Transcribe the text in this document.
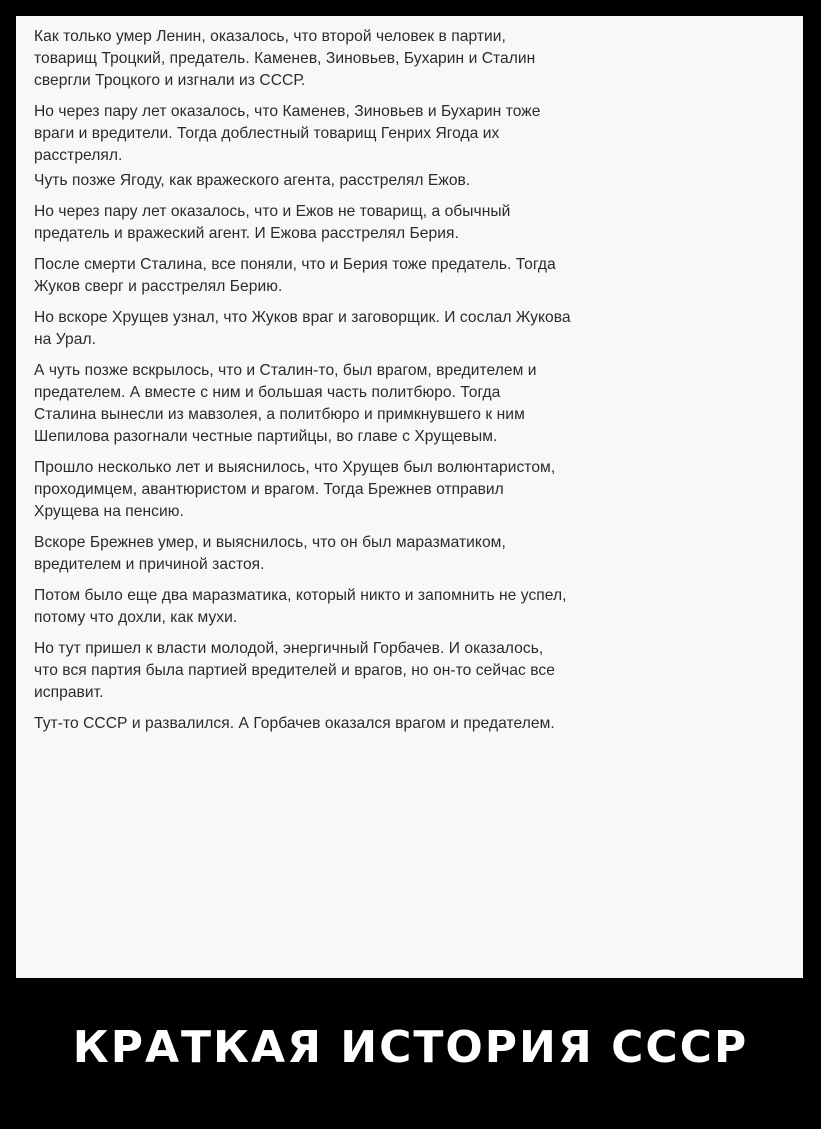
Как только умер Ленин, оказалось, что второй человек в партии,
товарищ Троцкий, предатель. Каменев, Зиновьев, Бухарин и Сталин
свергли Троцкого и изгнали из СССР.

Но через пару лет оказалось, что Каменев, Зиновьев и Бухарин тоже
враги и вредители. Тогда доблестный товарищ Генрих Ягода их
расстрелял.

Чуть позже Ягоду, как вражеского агента, расстрелял Ежов.

Но через пару лет оказалось, что и Ежов не товарищ, а обычный
предатель и вражеский агент. И Ежова расстрелял Берия.

После смерти Сталина, все поняли, что и Берия тоже предатель. Тогда
Жуков сверг и расстрелял Берию.

Но вскоре Хрущев узнал, что Жуков враг и заговорщик. И сослал Жукова
на Урал.

А чуть позже вскрылось, что и Сталин-то, был врагом, вредителем и
предателем. А вместе с ним и большая часть политбюро. Тогда
Сталина вынесли из мавзолея, а политбюро и примкнувшего к ним
Шепилова разогнали честные партийцы, во главе с Хрущевым.

Прошло несколько лет и выяснилось, что Хрущев был волюнтаристом,
проходимцем, авантюристом и врагом. Тогда Брежнев отправил
Хрущева на пенсию.

Вскоре Брежнев умер, и выяснилось, что он был маразматиком,
вредителем и причиной застоя.

Потом было еще два маразматика, который никто и запомнить не успел,
потому что дохли, как мухи.

Но тут пришел к власти молодой, энергичный Горбачев. И оказалось,
что вся партия была партией вредителей и врагов, но он-то сейчас все
исправит.

Тут-то СССР и развалился. А Горбачев оказался врагом и предателем.

КРАТКАЯ ИСТОРИЯ СССР
